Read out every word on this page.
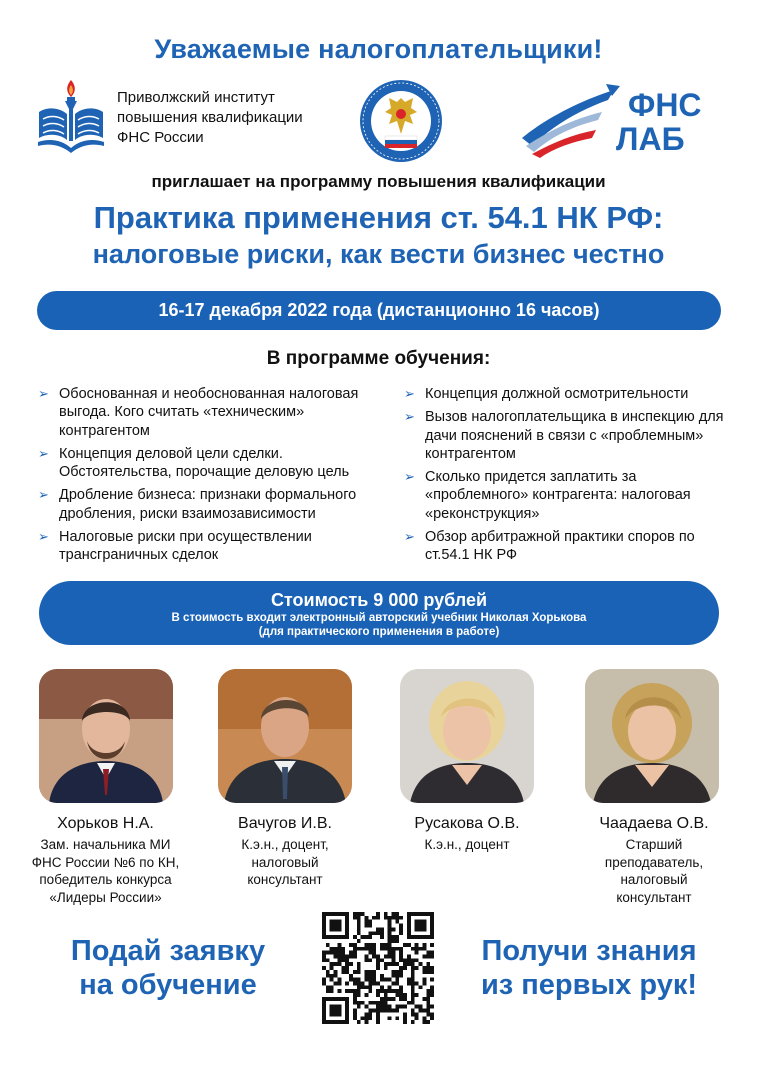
Уважаемые налогоплательщики!
Приволжский институт
повышения квалификации
ФНС России
ФНС
ЛАБ
приглашает на программу повышения квалификации
Практика применения ст. 54.1 НК РФ:
налоговые риски, как вести бизнес честно
16-17 декабря 2022 года (дистанционно 16 часов)
В программе обучения:
➢ Обоснованная и необоснованная налоговая выгода. Кого считать «техническим» контрагентом
➢ Концепция деловой цели сделки. Обстоятельства, порочащие деловую цель
➢ Дробление бизнеса: признаки формального дробления, риски взаимозависимости
➢ Налоговые риски при осуществлении трансграничных сделок
➢ Концепция должной осмотрительности
➢ Вызов налогоплательщика в инспекцию для дачи пояснений в связи с «проблемным» контрагентом
➢ Сколько придется заплатить за «проблемного» контрагента: налоговая «реконструкция»
➢ Обзор арбитражной практики споров по ст.54.1 НК РФ
Стоимость 9 000 рублей
В стоимость входит электронный авторский учебник Николая Хорькова
(для практического применения в работе)
Хорьков Н.А.
Зам. начальника МИ
ФНС России №6 по КН,
победитель конкурса
«Лидеры России»
Вачугов И.В.
К.э.н., доцент,
налоговый
консультант
Русакова О.В.
К.э.н., доцент
Чаадаева О.В.
Старший
преподаватель,
налоговый
консультант
Подай заявку
на обучение
Получи знания
из первых рук!
